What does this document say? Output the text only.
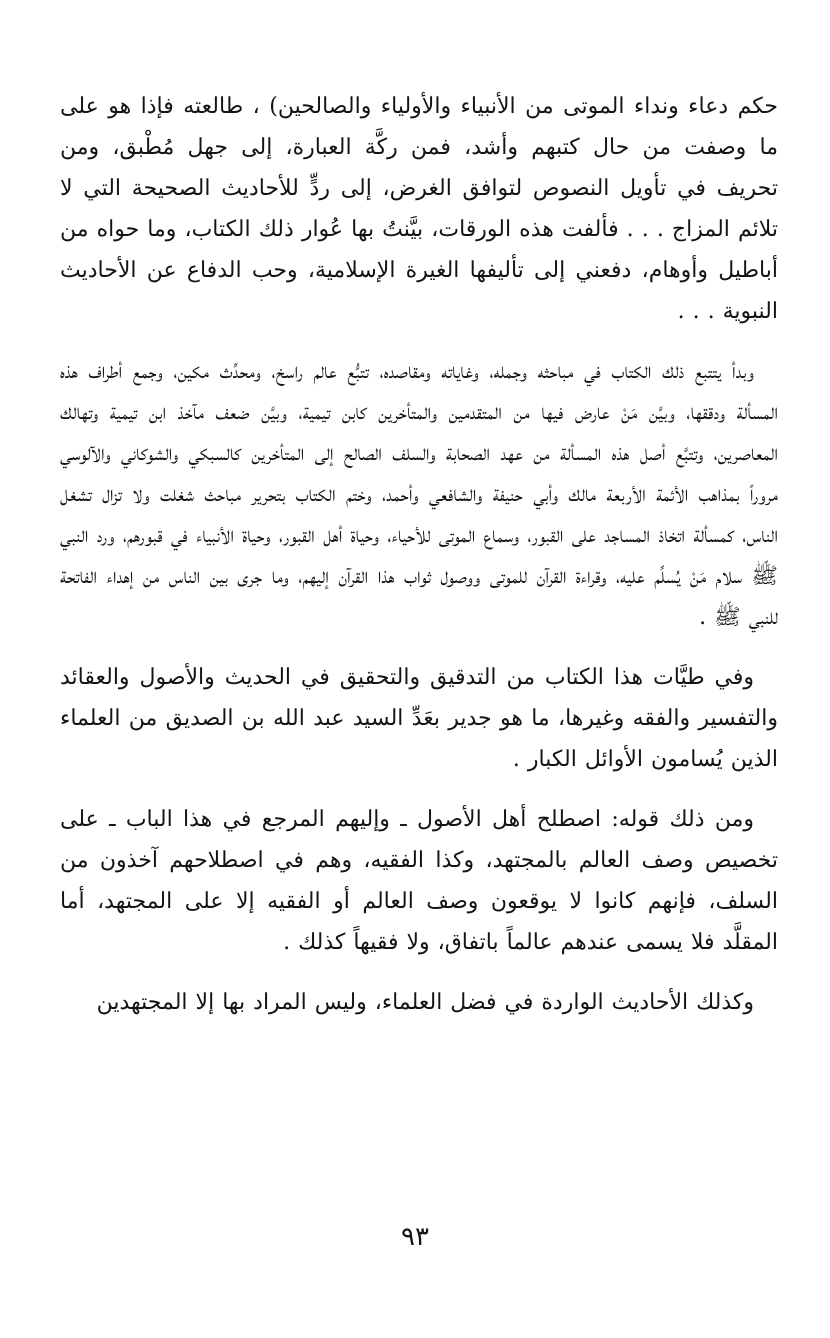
حكم دعاء ونداء الموتى من الأنبياء والأولياء والصالحين) ، طالعته فإذا هو على ما وصفت من حال كتبهم وأشد، فمن ركَّة العبارة، إلى جهل مُطْبق، ومن تحريف في تأويل النصوص لتوافق الغرض، إلى ردٍّ للأحاديث الصحيحة التي لا تلائم المزاج . . . فألفت هذه الورقات، بيَّنتُ بها عُوار ذلك الكتاب، وما حواه من أباطيل وأوهام، دفعني إلى تأليفها الغيرة الإسلامية، وحب الدفاع عن الأحاديث النبوية . . .

وبدأ يتتبع ذلك الكتاب في مباحثه وجمله، وغاياته ومقاصده، تتبُّع عالم راسخ، ومحدِّث مكين، وجمع أطراف هذه المسألة ودققها، وبيَّن مَنْ عارض فيها من المتقدمين والمتأخرين كابن تيمية، وبيَّن ضعف مآخذ ابن تيمية وتهالك المعاصرين، وتتبَّع أصل هذه المسألة من عهد الصحابة والسلف الصالح إلى المتأخرين كالسبكي والشوكاني والآلوسي مروراً بمذاهب الأئمة الأربعة مالك وأبي حنيفة والشافعي وأحمد، وختم الكتاب بتحرير مباحث شغلت ولا تزال تشغل الناس، كمسألة اتخاذ المساجد على القبور، وسماع الموتى للأحياء، وحياة أهل القبور، وحياة الأنبياء في قبورهم، ورد النبي ﷺ سلام مَنْ يُسلِّم عليه، وقراءة القرآن للموتى ووصول ثواب هذا القرآن إليهم، وما جرى بين الناس من إهداء الفاتحة للنبي ﷺ .

وفي طيَّات هذا الكتاب من التدقيق والتحقيق في الحديث والأصول والعقائد والتفسير والفقه وغيرها، ما هو جدير بعَدِّ السيد عبد الله بن الصديق من العلماء الذين يُسامون الأوائل الكبار .

ومن ذلك قوله: اصطلح أهل الأصول ـ وإليهم المرجع في هذا الباب ـ على تخصيص وصف العالم بالمجتهد، وكذا الفقيه، وهم في اصطلاحهم آخذون من السلف، فإنهم كانوا لا يوقعون وصف العالم أو الفقيه إلا على المجتهد، أما المقلَّد فلا يسمى عندهم عالماً باتفاق، ولا فقيهاً كذلك .

وكذلك الأحاديث الواردة في فضل العلماء، وليس المراد بها إلا المجتهدين

٩٣
